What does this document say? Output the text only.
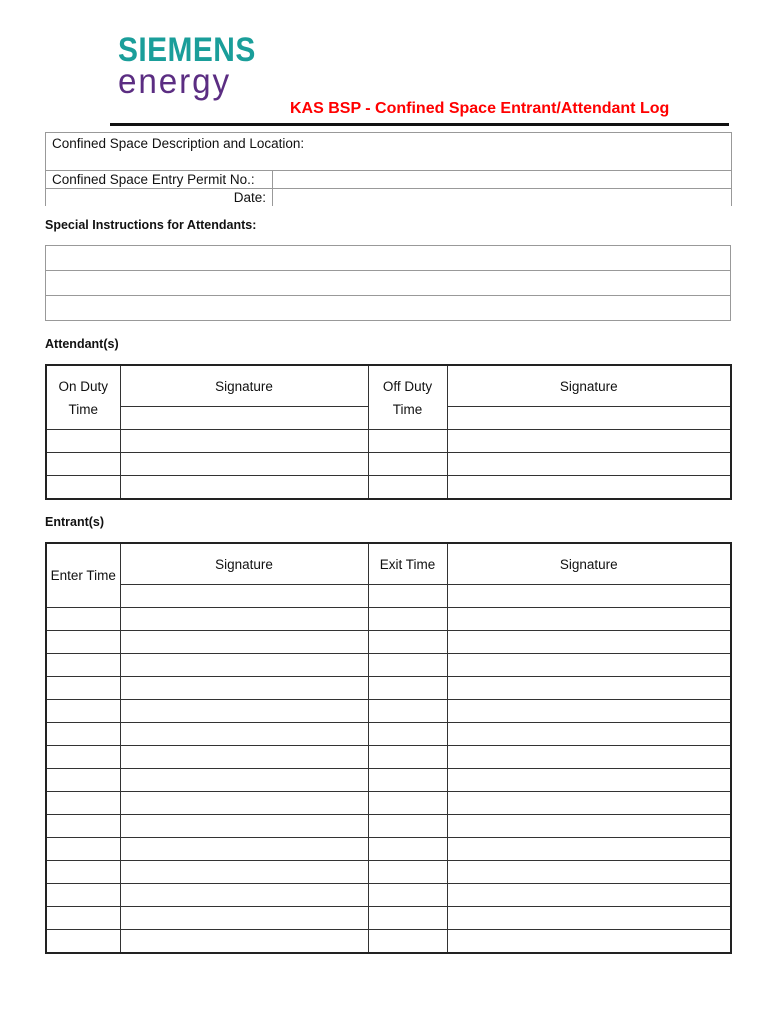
SIEMENS
energy
KAS BSP - Confined Space Entrant/Attendant Log
Confined Space Description and Location:	
Confined Space Entry Permit No.:	
Date:	
Special Instructions for Attendants:

Attendant(s)
On Duty Time	Signature	Off Duty Time	Signature

Entrant(s)
Enter Time	Signature	Exit Time	Signature
